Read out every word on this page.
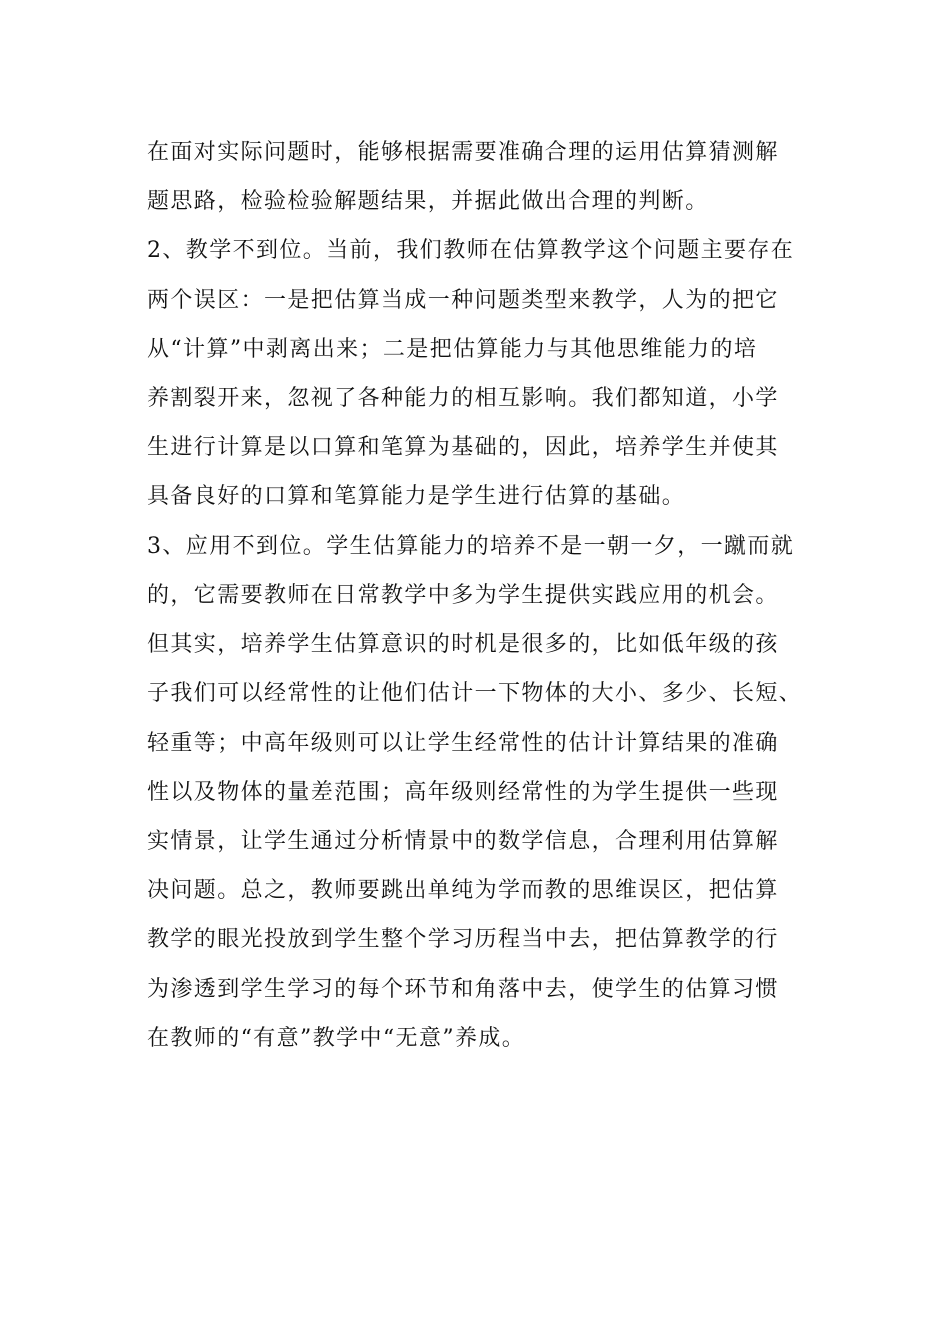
在面对实际问题时，能够根据需要准确合理的运用估算猜测解
题思路，检验检验解题结果，并据此做出合理的判断。
2、教学不到位。当前，我们教师在估算教学这个问题主要存在
两个误区：一是把估算当成一种问题类型来教学，人为的把它
从“计算”中剥离出来；二是把估算能力与其他思维能力的培
养割裂开来，忽视了各种能力的相互影响。我们都知道，小学
生进行计算是以口算和笔算为基础的，因此，培养学生并使其
具备良好的口算和笔算能力是学生进行估算的基础。
3、应用不到位。学生估算能力的培养不是一朝一夕，一蹴而就
的，它需要教师在日常教学中多为学生提供实践应用的机会。
但其实，培养学生估算意识的时机是很多的，比如低年级的孩
子我们可以经常性的让他们估计一下物体的大小、多少、长短、
轻重等；中高年级则可以让学生经常性的估计计算结果的准确
性以及物体的量差范围；高年级则经常性的为学生提供一些现
实情景，让学生通过分析情景中的数学信息，合理利用估算解
决问题。总之，教师要跳出单纯为学而教的思维误区，把估算
教学的眼光投放到学生整个学习历程当中去，把估算教学的行
为渗透到学生学习的每个环节和角落中去，使学生的估算习惯
在教师的“有意”教学中“无意”养成。
